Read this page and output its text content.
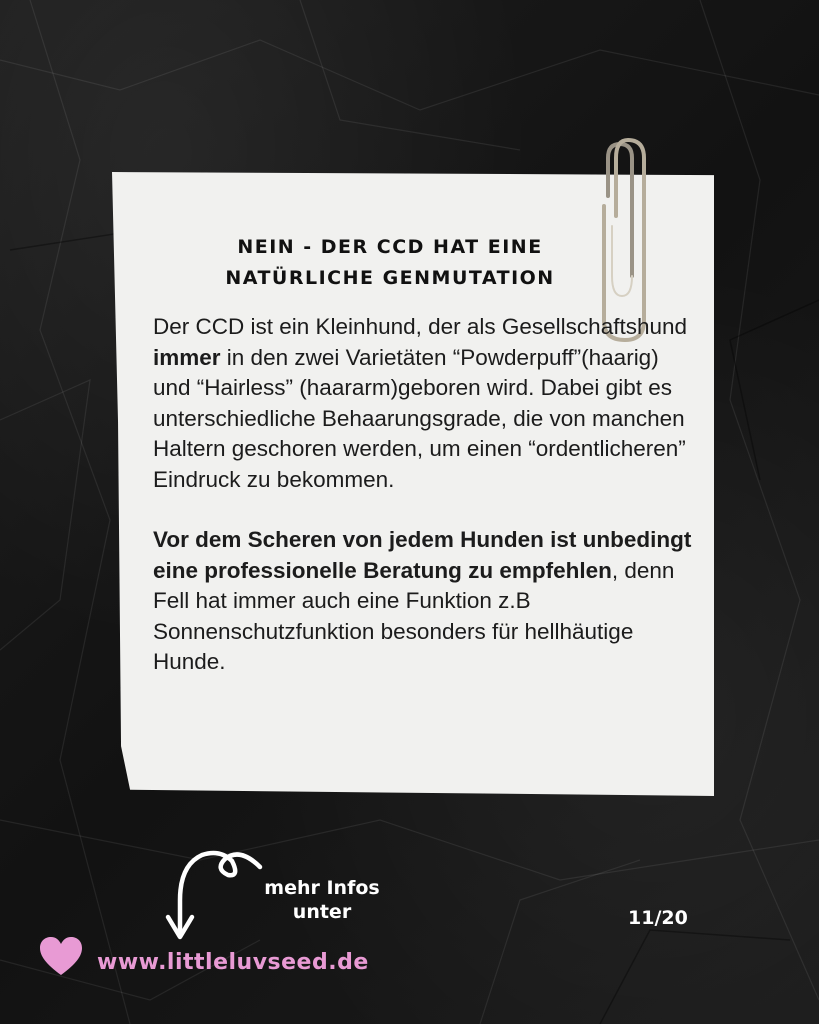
NEIN - DER CCD HAT EINE
NATÜRLICHE GENMUTATION

Der CCD ist ein Kleinhund, der als Gesellschaftshund immer in den zwei Varietäten “Powderpuff”(haarig) und “Hairless” (haararm)geboren wird. Dabei gibt es unterschiedliche Behaarungsgrade, die von manchen Haltern geschoren werden, um einen “ordentlicheren” Eindruck zu bekommen.

Vor dem Scheren von jedem Hunden ist unbedingt eine professionelle Beratung zu empfehlen, denn Fell hat immer auch eine Funktion z.B Sonnenschutzfunktion besonders für hellhäutige Hunde.

mehr Infos
unter	11/20
www.littleluvseed.de
